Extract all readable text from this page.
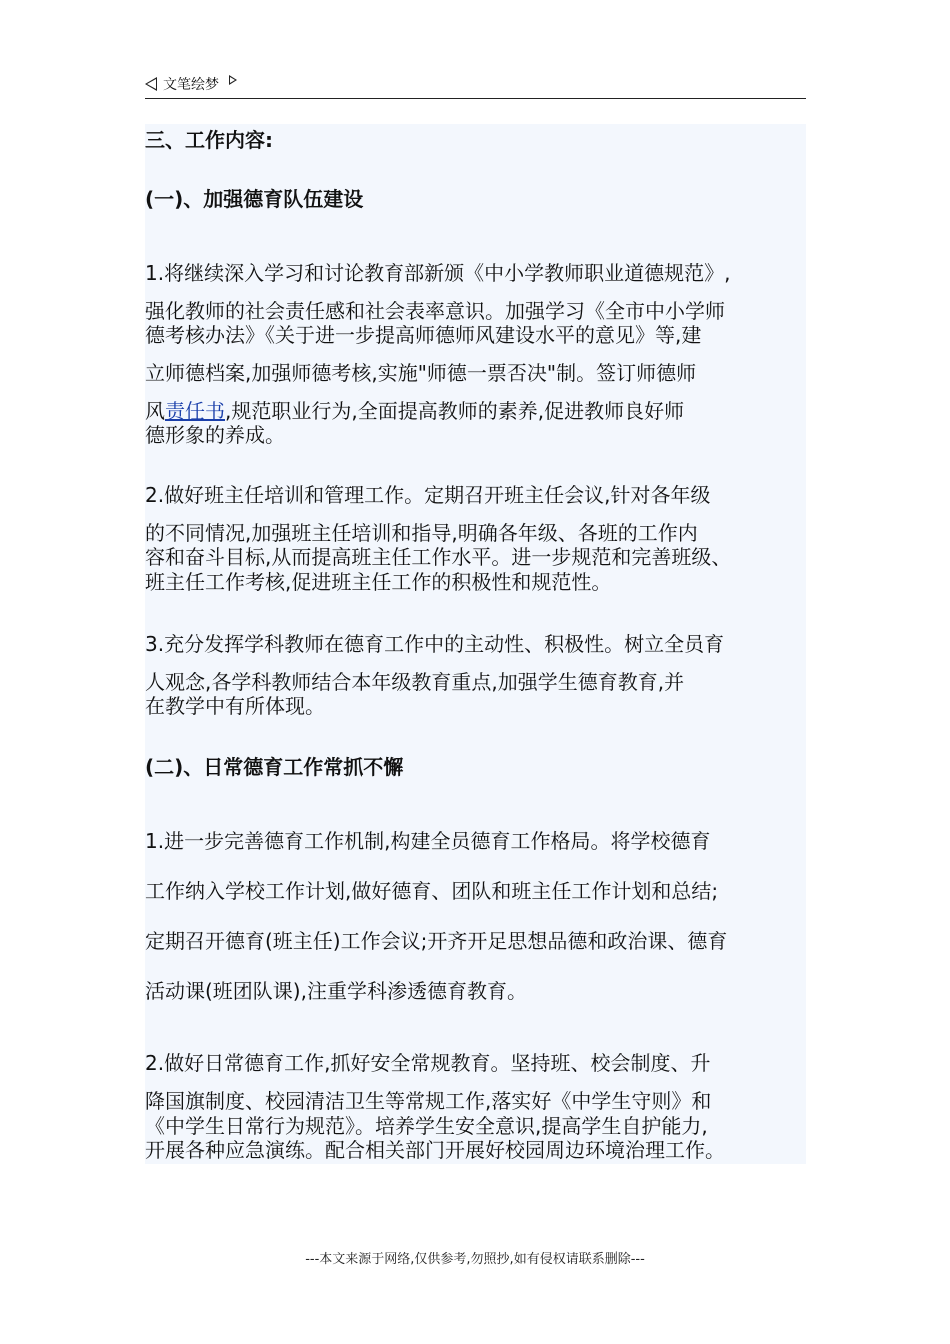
文笔绘梦
三、工作内容:
(一)、加强德育队伍建设
1.将继续深入学习和讨论教育部新颁《中小学教师职业道德规范》,
强化教师的社会责任感和社会表率意识。加强学习《全市中小学师
德考核办法》《关于进一步提高师德师风建设水平的意见》等,建
立师德档案,加强师德考核,实施"师德一票否决"制。签订师德师
风责任书,规范职业行为,全面提高教师的素养,促进教师良好师
德形象的养成。
2.做好班主任培训和管理工作。定期召开班主任会议,针对各年级
的不同情况,加强班主任培训和指导,明确各年级、各班的工作内
容和奋斗目标,从而提高班主任工作水平。进一步规范和完善班级、
班主任工作考核,促进班主任工作的积极性和规范性。
3.充分发挥学科教师在德育工作中的主动性、积极性。树立全员育
人观念,各学科教师结合本年级教育重点,加强学生德育教育,并
在教学中有所体现。
(二)、日常德育工作常抓不懈
1.进一步完善德育工作机制,构建全员德育工作格局。将学校德育
工作纳入学校工作计划,做好德育、团队和班主任工作计划和总结;
定期召开德育(班主任)工作会议;开齐开足思想品德和政治课、德育
活动课(班团队课),注重学科渗透德育教育。
2.做好日常德育工作,抓好安全常规教育。坚持班、校会制度、升
降国旗制度、校园清洁卫生等常规工作,落实好《中学生守则》和
《中学生日常行为规范》。培养学生安全意识,提高学生自护能力,
开展各种应急演练。配合相关部门开展好校园周边环境治理工作。
---本文来源于网络,仅供参考,勿照抄,如有侵权请联系删除---
